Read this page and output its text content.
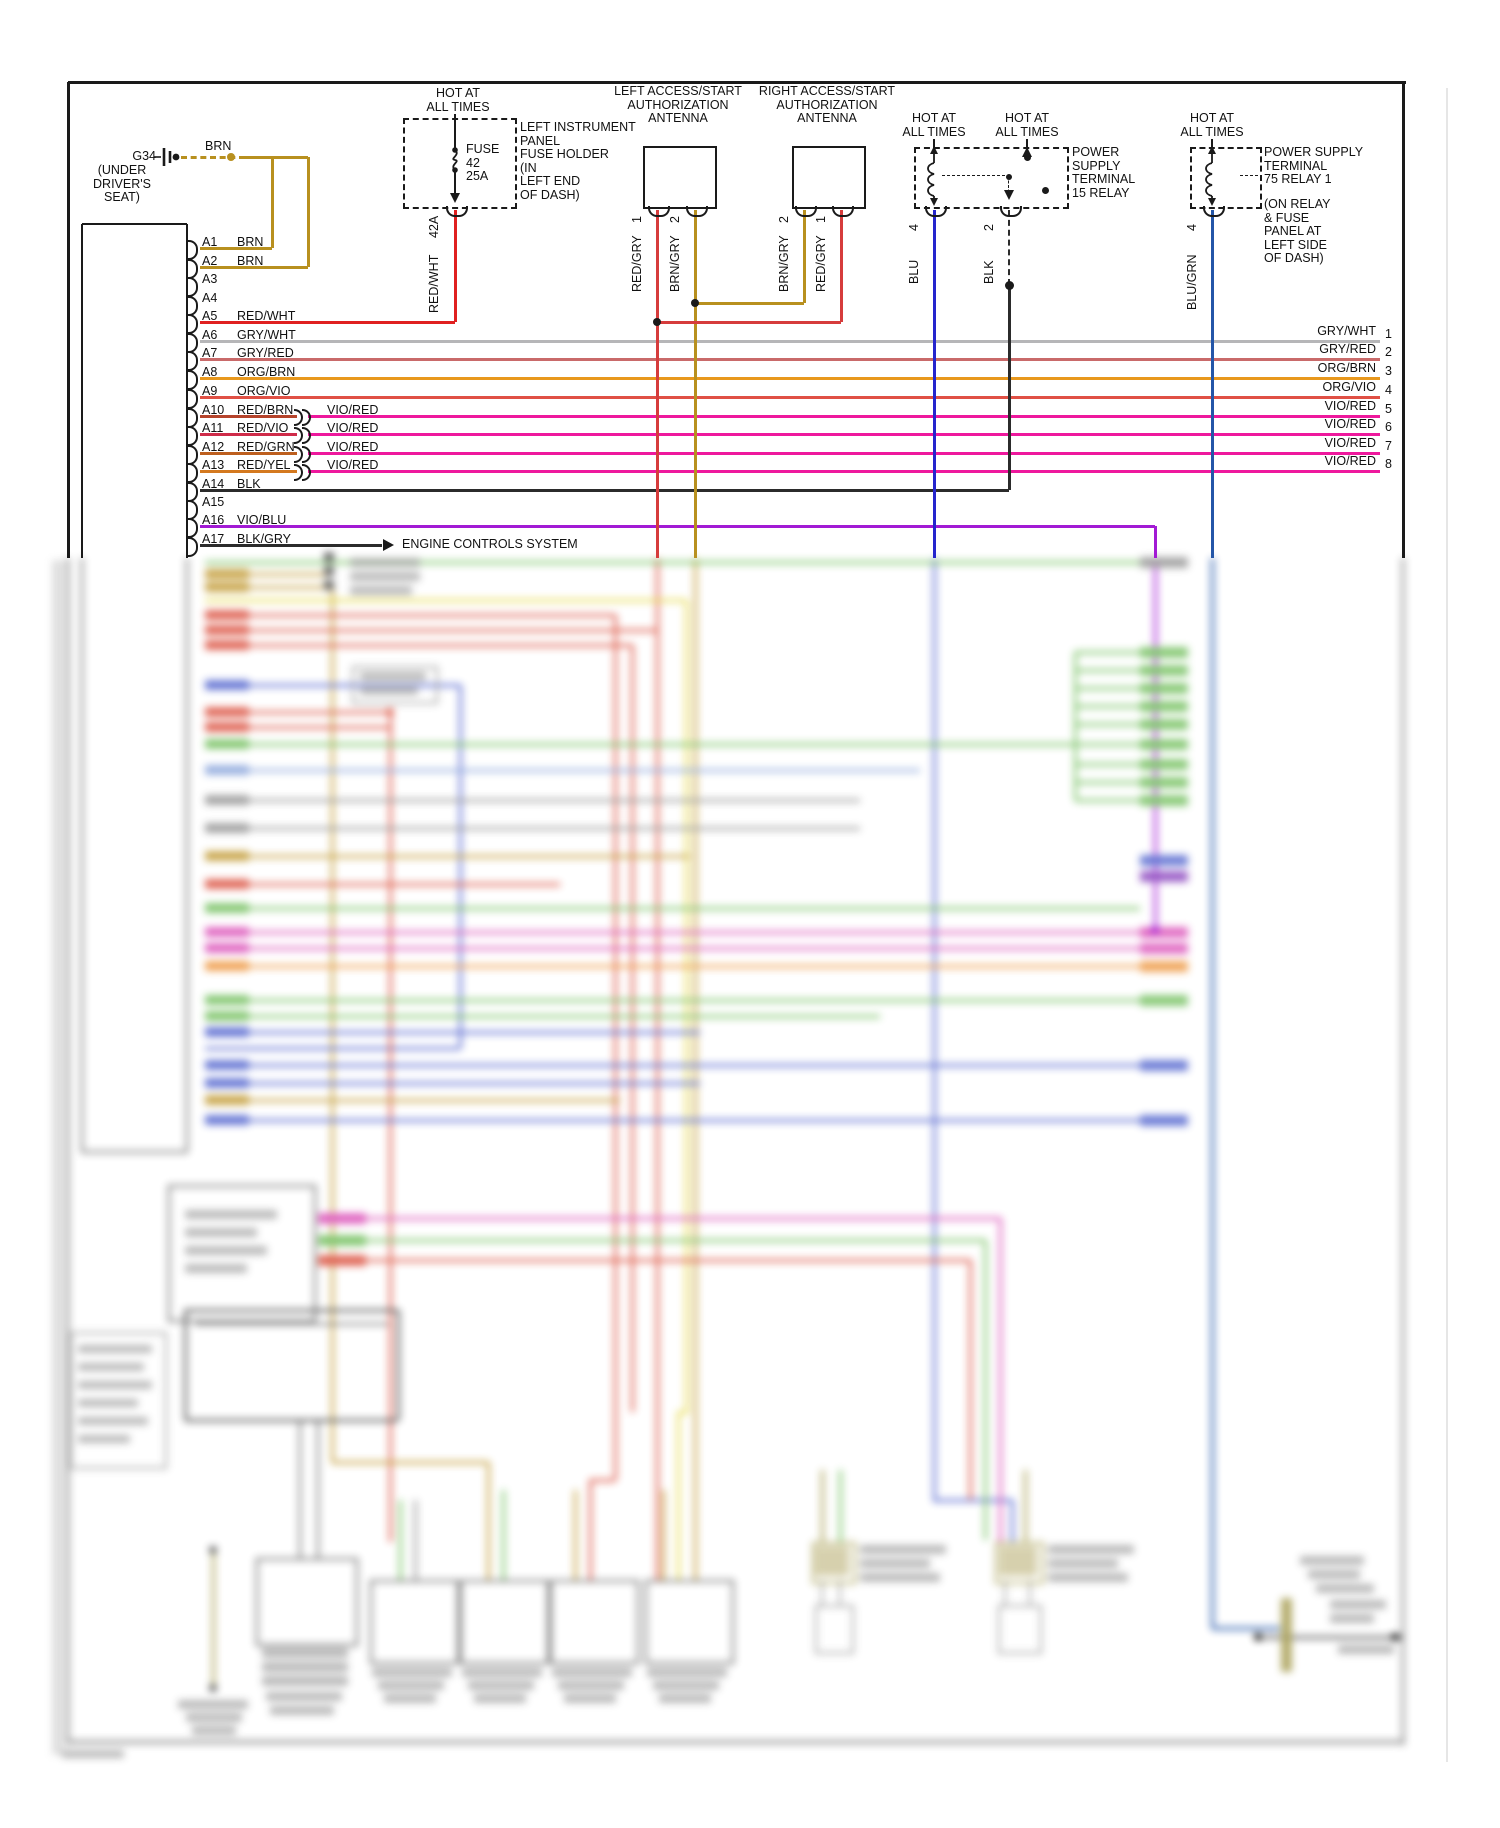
G34
(UNDER
DRIVER'S
SEAT)
BRN
HOT AT
ALL TIMES
FUSE
42
25A
LEFT INSTRUMENT
PANEL
FUSE HOLDER
(IN
LEFT END
OF DASH)
LEFT ACCESS/START
AUTHORIZATION
ANTENNA
RIGHT ACCESS/START
AUTHORIZATION
ANTENNA	HOT AT
ALL TIMES
HOT AT
ALL TIMES
POWER
SUPPLY
TERMINAL
15 RELAY
HOT AT
ALL TIMES
POWER SUPPLY
TERMINAL
75 RELAY 1
(ON RELAY
& FUSE
PANEL AT
LEFT SIDE
OF DASH)
ENGINE CONTROLS SYSTEM
A1 BRN
A2 BRN
A3
A4
A5 RED/WHT
A6 GRY/WHT
A7 GRY/RED
A8 ORG/BRN
A9 ORG/VIO
A10 RED/BRN	VIO/RED
A11 RED/VIO	VIO/RED
A12 RED/GRN	VIO/RED
A13 RED/YEL	VIO/RED
A14 BLK
A15
A16 VIO/BLU
A17 BLK/GRY
GRY/WHT 1
GRY/RED 2
ORG/BRN 3
ORG/VIO 4
VIO/RED 5
VIO/RED 6
VIO/RED 7
VIO/RED 8
42A
RED/WHT
1
RED/GRY
2
BRN/GRY
2
BRN/GRY
1
RED/GRY
4
BLU
2
BLK
4
BLU/GRN
